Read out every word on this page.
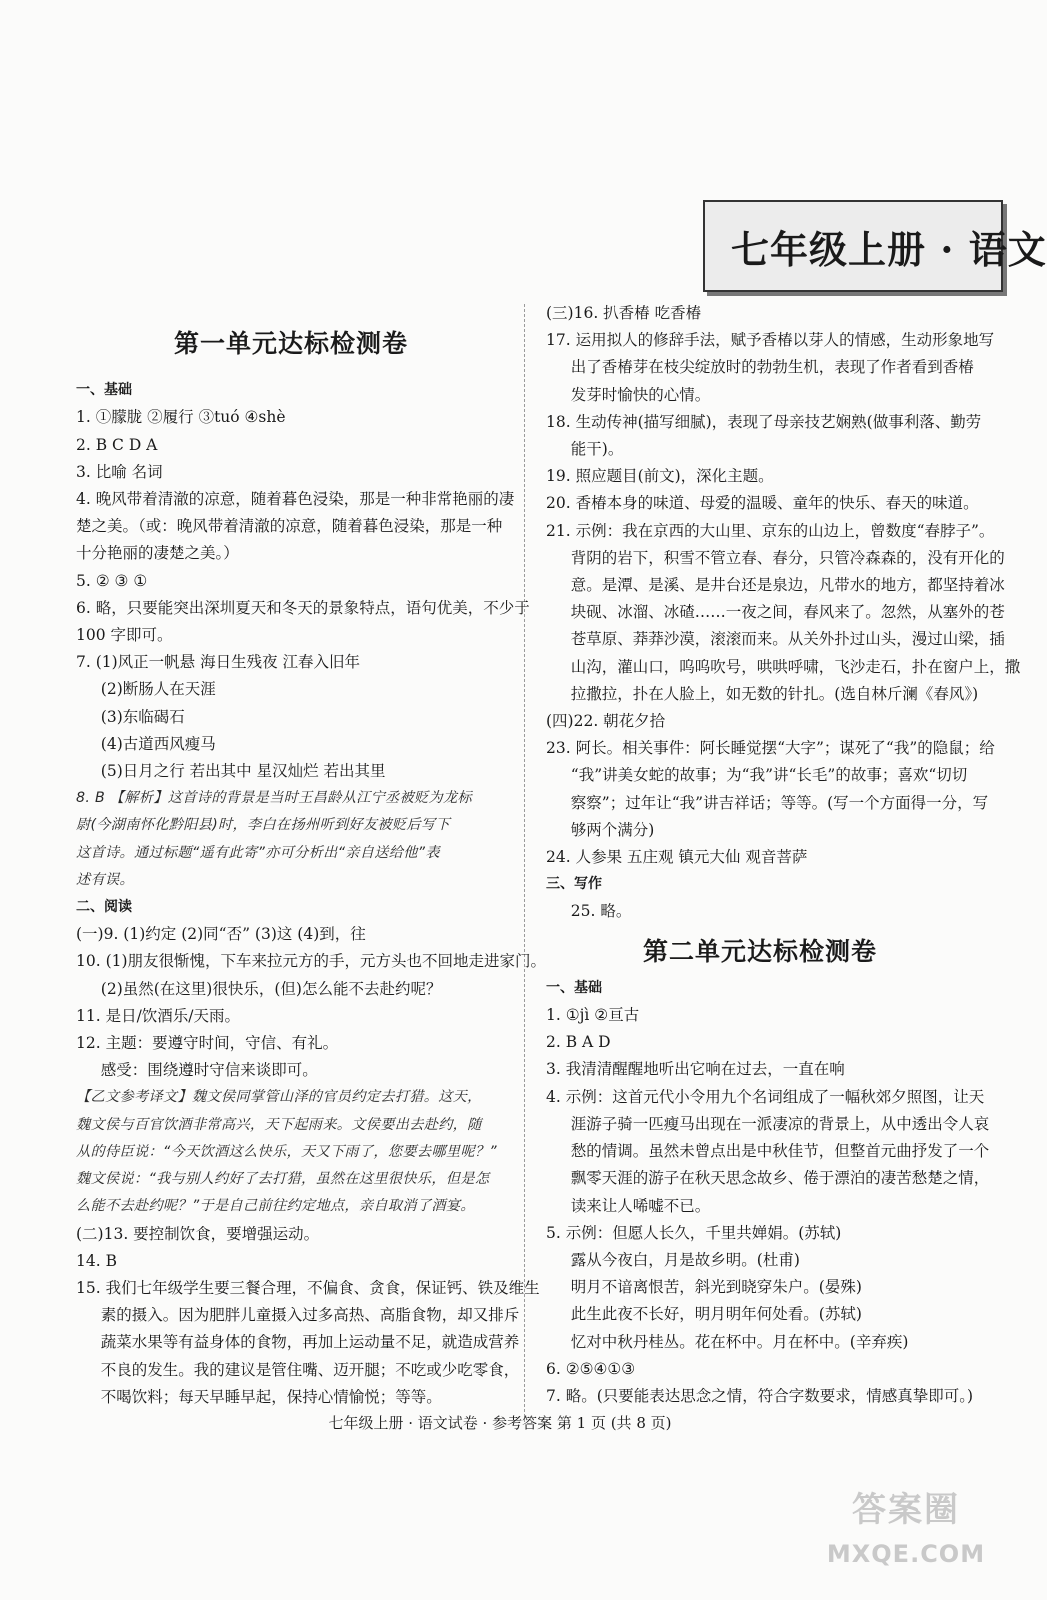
七年级上册 · 语文
第一单元达标检测卷
一、基础
1. ①朦胧 ②履行 ③tuó ④shè
2. B C D A
3. 比喻 名词
4. 晚风带着清澈的凉意，随着暮色浸染，那是一种非常艳丽的凄
楚之美。（或：晚风带着清澈的凉意，随着暮色浸染，那是一种
十分艳丽的凄楚之美。）
5. ② ③ ①
6. 略，只要能突出深圳夏天和冬天的景象特点，语句优美，不少于
100 字即可。
7. (1)风正一帆悬 海日生残夜 江春入旧年
(2)断肠人在天涯
(3)东临碣石
(4)古道西风瘦马
(5)日月之行 若出其中 星汉灿烂 若出其里
8. B 【解析】这首诗的背景是当时王昌龄从江宁丞被贬为龙标
尉(今湖南怀化黔阳县)时，李白在扬州听到好友被贬后写下
这首诗。通过标题“遥有此寄”亦可分析出“亲自送给他”表
述有误。
二、阅读
(一)9. (1)约定 (2)同“否” (3)这 (4)到，往
10. (1)朋友很惭愧，下车来拉元方的手，元方头也不回地走进家门。
(2)虽然(在这里)很快乐，(但)怎么能不去赴约呢？
11. 是日/饮酒乐/天雨。
12. 主题：要遵守时间，守信、有礼。
感受：围绕遵时守信来谈即可。
【乙文参考译文】魏文侯同掌管山泽的官员约定去打猎。这天，
魏文侯与百官饮酒非常高兴，天下起雨来。文侯要出去赴约，随
从的侍臣说：“今天饮酒这么快乐，天又下雨了，您要去哪里呢？”
魏文侯说：“我与别人约好了去打猎，虽然在这里很快乐，但是怎
么能不去赴约呢？”于是自己前往约定地点，亲自取消了酒宴。
(二)13. 要控制饮食，要增强运动。
14. B
15. 我们七年级学生要三餐合理，不偏食、贪食，保证钙、铁及维生
素的摄入。因为肥胖儿童摄入过多高热、高脂食物，却又排斥
蔬菜水果等有益身体的食物，再加上运动量不足，就造成营养
不良的发生。我的建议是管住嘴、迈开腿；不吃或少吃零食，
不喝饮料；每天早睡早起，保持心情愉悦；等等。
(三)16. 扒香椿 吃香椿
17. 运用拟人的修辞手法，赋予香椿以芽人的情感，生动形象地写
出了香椿芽在枝尖绽放时的勃勃生机，表现了作者看到香椿
发芽时愉快的心情。
18. 生动传神(描写细腻)，表现了母亲技艺娴熟(做事利落、勤劳
能干)。
19. 照应题目(前文)，深化主题。
20. 香椿本身的味道、母爱的温暖、童年的快乐、春天的味道。
21. 示例：我在京西的大山里、京东的山边上，曾数度“春脖子”。
背阴的岩下，积雪不管立春、春分，只管冷森森的，没有开化的
意。是潭、是溪、是井台还是泉边，凡带水的地方，都坚持着冰
块砚、冰溜、冰碴……一夜之间，春风来了。忽然，从塞外的苍
苍草原、莽莽沙漠，滚滚而来。从关外扑过山头，漫过山梁，插
山沟，灌山口，呜呜吹号，哄哄呼啸，飞沙走石，扑在窗户上，撒
拉撒拉，扑在人脸上，如无数的针扎。(选自林斤澜《春风》)
(四)22. 朝花夕拾
23. 阿长。相关事件：阿长睡觉摆“大字”；谋死了“我”的隐鼠；给
“我”讲美女蛇的故事；为“我”讲“长毛”的故事；喜欢“切切
察察”；过年让“我”讲吉祥话；等等。(写一个方面得一分，写
够两个满分)
24. 人参果 五庄观 镇元大仙 观音菩萨
三、写作
25. 略。
第二单元达标检测卷
一、基础
1. ①jì ②亘古
2. B A D
3. 我清清醒醒地听出它响在过去，一直在响
4. 示例：这首元代小令用九个名词组成了一幅秋郊夕照图，让天
涯游子骑一匹瘦马出现在一派凄凉的背景上，从中透出令人哀
愁的情调。虽然未曾点出是中秋佳节，但整首元曲抒发了一个
飘零天涯的游子在秋天思念故乡、倦于漂泊的凄苦愁楚之情，
读来让人唏嘘不已。
5. 示例：但愿人长久，千里共婵娟。(苏轼)
露从今夜白，月是故乡明。(杜甫)
明月不谙离恨苦，斜光到晓穿朱户。(晏殊)
此生此夜不长好，明月明年何处看。(苏轼)
忆对中秋丹桂丛。花在杯中。月在杯中。(辛弃疾)
6. ②⑤④①③
7. 略。(只要能表达思念之情，符合字数要求，情感真挚即可。)
七年级上册 · 语文试卷 · 参考答案 第 1 页 (共 8 页)
答案圈
MXQE.COM
